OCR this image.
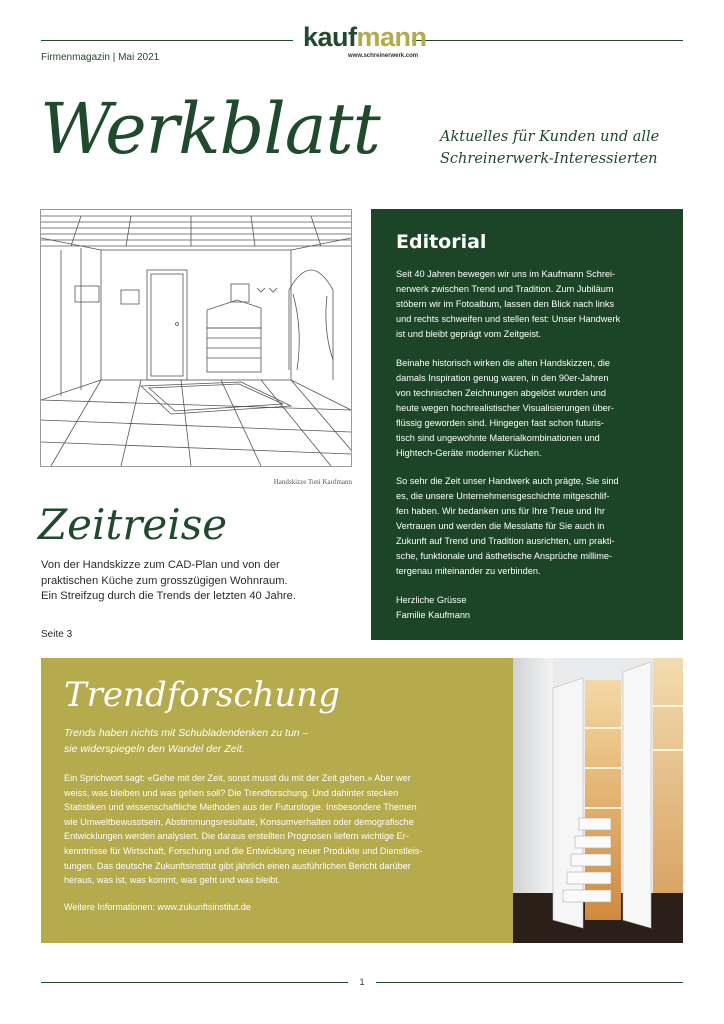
kaufmann
www.schreinerwerk.com
Firmenmagazin | Mai 2021
Werkblatt	Aktuelles für Kunden und alle
Schreinerwerk-Interessierten
Handskizze Toni Kaufmann
Zeitreise
Von der Handskizze zum CAD-Plan und von der
praktischen Küche zum grosszügigen Wohnraum.
Ein Streifzug durch die Trends der letzten 40 Jahre.
Seite 3
Editorial

Seit 40 Jahren bewegen wir uns im Kaufmann Schrei-
nerwerk zwischen Trend und Tradition. Zum Jubiläum
stöbern wir im Fotoalbum, lassen den Blick nach links
und rechts schweifen und stellen fest: Unser Handwerk
ist und bleibt geprägt vom Zeitgeist.

Beinahe historisch wirken die alten Handskizzen, die
damals Inspiration genug waren, in den 90er-Jahren
von technischen Zeichnungen abgelöst wurden und
heute wegen hochrealistischer Visualisierungen über-
flüssig geworden sind. Hingegen fast schon futuris-
tisch sind ungewohnte Materialkombinationen und
Hightech-Geräte moderner Küchen.

So sehr die Zeit unser Handwerk auch prägte, Sie sind
es, die unsere Unternehmensgeschichte mitgeschlif-
fen haben. Wir bedanken uns für Ihre Treue und Ihr
Vertrauen und werden die Messlatte für Sie auch in
Zukunft auf Trend und Tradition ausrichten, um prakti-
sche, funktionale und ästhetische Ansprüche millime-
tergenau miteinander zu verbinden.

Herzliche Grüsse
Familie Kaufmann

Trendforschung

Trends haben nichts mit Schubladendenken zu tun –
sie widerspiegeln den Wandel der Zeit.

Ein Sprichwort sagt: «Gehe mit der Zeit, sonst musst du mit der Zeit gehen.» Aber wer
weiss, was bleiben und was gehen soll? Die Trendforschung. Und dahinter stecken
Statistiken und wissenschaftliche Methoden aus der Futurologie. Insbesondere Themen
wie Umweltbewusstsein, Abstimmungsresultate, Konsumverhalten oder demografische
Entwicklungen werden analysiert. Die daraus erstellten Prognosen liefern wichtige Er-
kenntnisse für Wirtschaft, Forschung und die Entwicklung neuer Produkte und Dienstleis-
tungen. Das deutsche Zukunftsinstitut gibt jährlich einen ausführlichen Bericht darüber
heraus, was ist, was kommt, was geht und was bleibt.

Weitere Informationen: www.zukunftsinstitut.de

1
